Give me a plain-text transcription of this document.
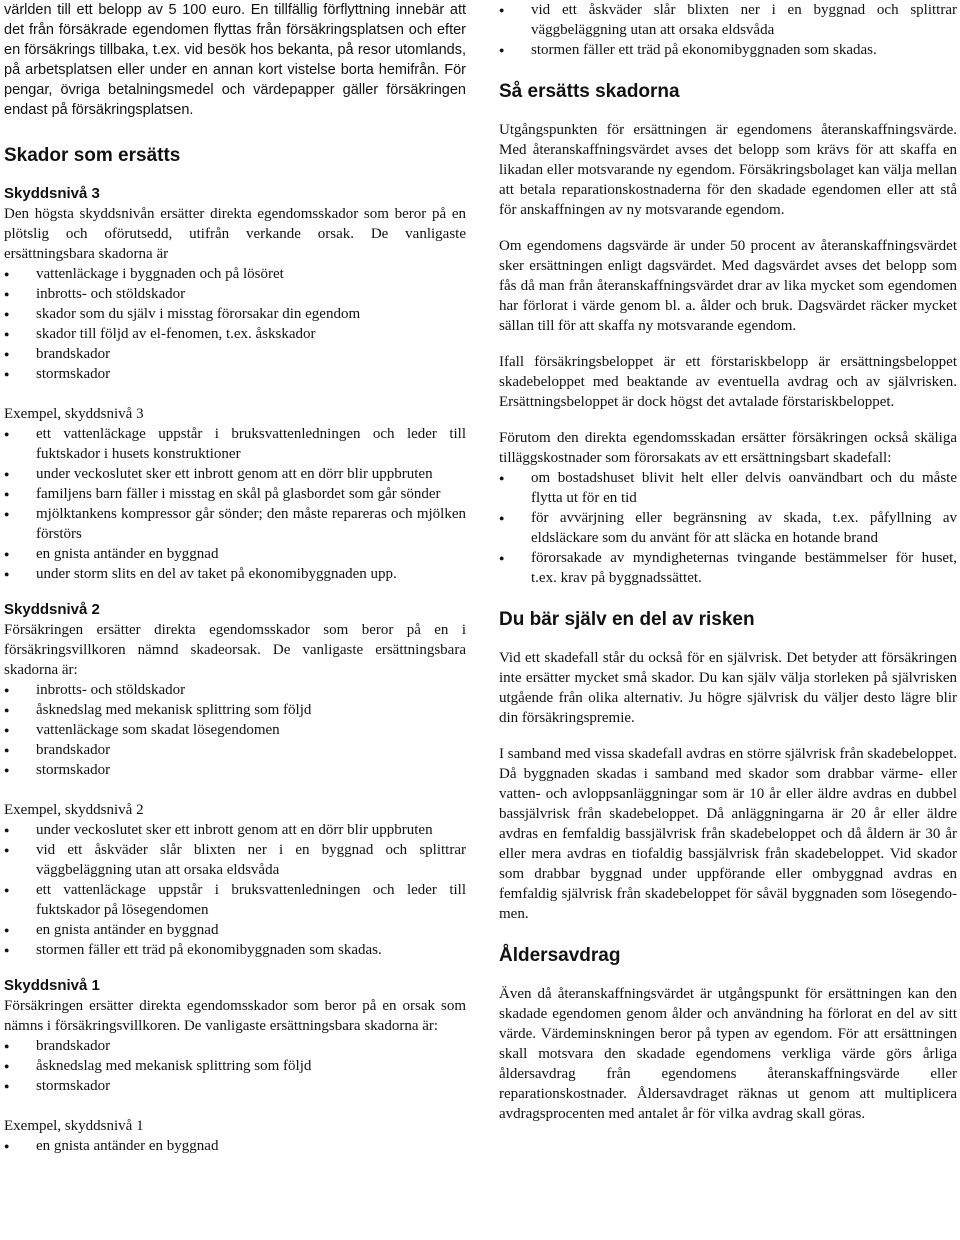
världen till ett belopp av 5 100 euro. En tillfällig förflyttning innebär att det från försäkrade egendomen flyttas från försäkringsplatsen och efter en försäkrings tillbaka, t.ex. vid besök hos bekanta, på resor utomlands, på arbetsplatsen eller under en annan kort vistelse borta hemifrån. För pengar, övriga betalningsmedel och värdepapper gäller försäkringen endast på försäkringsplatsen.

Skador som ersätts
Skyddsnivå 3

Den högsta skyddsnivån ersätter direkta egendomsskador som beror på en plötslig och oförutsedd, utifrån verkande orsak. De vanligaste ersättningsbara skadorna är

● vattenläckage i byggnaden och på lösöret
● inbrotts- och stöldskador
● skador som du själv i misstag förorsakar din egendom
● skador till följd av el-fenomen, t.ex. åskskador
● brandskador
● stormskador

Exempel, skyddsnivå 3

● ett vattenläckage uppstår i bruksvattenledningen och leder till fuktskador i husets konstruktioner
● under veckoslutet sker ett inbrott genom att en dörr blir uppbruten
● familjens barn fäller i misstag en skål på glasbordet som går sönder
● mjölktankens kompressor går sönder; den måste repareras och mjölken förstörs
● en gnista antänder en byggnad
● under storm slits en del av taket på ekonomibyggnaden upp.
Skyddsnivå 2

Försäkringen ersätter direkta egendomsskador som beror på en i försäkringsvillkoren nämnd skadeorsak. De vanligaste ersättningsbara skadorna är:

● inbrotts- och stöldskador
● åsknedslag med mekanisk splittring som följd
● vattenläckage som skadat lösegendomen
● brandskador
● stormskador

Exempel, skyddsnivå 2

● under veckoslutet sker ett inbrott genom att en dörr blir uppbruten
● vid ett åskväder slår blixten ner i en byggnad och splittrar väggbeläggning utan att orsaka eldsvåda
● ett vattenläckage uppstår i bruksvattenledningen och leder till fuktskador på lösegendomen
● en gnista antänder en byggnad
● stormen fäller ett träd på ekonomibyggnaden som skadas.
Skyddsnivå 1

Försäkringen ersätter direkta egendomsskador som beror på en orsak som nämns i försäkringsvillkoren. De vanligaste ersättningsbara skadorna är:

● brandskador
● åsknedslag med mekanisk splittring som följd
● stormskador

Exempel, skyddsnivå 1

● en gnista antänder en byggnad
● vid ett åskväder slår blixten ner i en byggnad och splittrar väggbeläggning utan att orsaka eldsvåda
● stormen fäller ett träd på ekonomibyggnaden som skadas.
Så ersätts skadorna

Utgångspunkten för ersättningen är egendomens återanskaffningsvärde. Med återanskaffningsvärdet avses det belopp som krävs för att skaffa en likadan eller motsvarande ny egendom. Försäkringsbolaget kan välja mellan att betala reparationskostnaderna för den skadade egendomen eller att stå för anskaffningen av ny motsvarande egendom.

Om egendomens dagsvärde är under 50 procent av återanskaffningsvärdet sker ersättningen enligt dagsvärdet. Med dagsvärdet avses det belopp som fås då man från återanskaffningsvärdet drar av lika mycket som egendomen har förlorat i värde genom bl. a. ålder och bruk. Dagsvärdet räcker mycket sällan till för att skaffa ny motsvarande egendom.

Ifall försäkringsbeloppet är ett förstariskbelopp är ersättningsbeloppet skadebeloppet med beaktande av eventuella avdrag och av självrisken. Ersättningsbeloppet är dock högst det avtalade förstariskbeloppet.

Förutom den direkta egendomsskadan ersätter försäkringen också skäliga tilläggskostnader som förorsakats av ett ersättningsbart skadefall:

● om bostadshuset blivit helt eller delvis oanvändbart och du måste flytta ut för en tid
● för avvärjning eller begränsning av skada, t.ex. påfyllning av eldsläckare som du använt för att släcka en hotande brand
● förorsakade av myndigheternas tvingande bestämmelser för huset, t.ex. krav på byggnadssättet.
Du bär själv en del av risken

Vid ett skadefall står du också för en självrisk. Det betyder att försäkringen inte ersätter mycket små skador. Du kan själv välja storleken på självrisken utgående från olika alternativ. Ju högre självrisk du väljer desto lägre blir din försäkringspremie.

I samband med vissa skadefall avdras en större självrisk från skadebeloppet. Då byggnaden skadas i samband med skador som drabbar värme- eller vatten- och avloppsanläggningar som är 10 år eller äldre avdras en dubbel bassjälvrisk från skadebeloppet. Då anläggningarna är 20 år eller äldre avdras en femfaldig bassjälvrisk från skadebeloppet och då åldern är 30 år eller mera avdras en tiofaldig bassjälvrisk från skadebeloppet. Vid skador som drabbar byggnad under uppförande eller ombyggnad avdras en femfaldig självrisk från skadebeloppet för såväl byggnaden som lösegendomen.

Åldersavdrag

Även då återanskaffningsvärdet är utgångspunkt för ersättningen kan den skadade egendomen genom ålder och användning ha förlorat en del av sitt värde. Värdeminskningen beror på typen av egendom. För att ersättningen skall motsvara den skadade egendomens verkliga värde görs årliga åldersavdrag från egendomens återanskaffningsvärde eller reparationskostnader. Åldersavdraget räknas ut genom att multiplicera avdragsprocenten med antalet år för vilka avdrag skall göras.
